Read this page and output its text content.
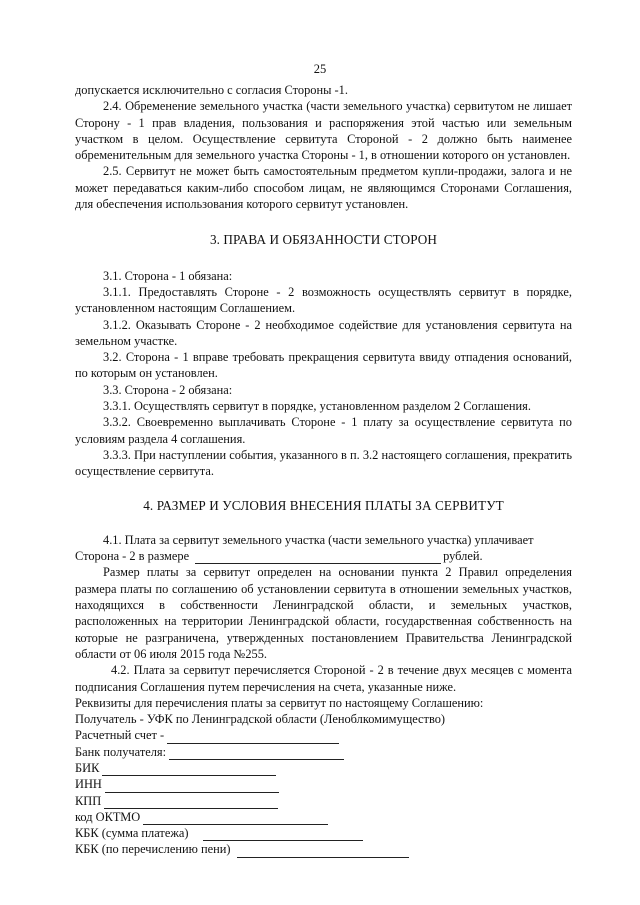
25

допускается исключительно с согласия Стороны -1.

2.4. Обременение земельного участка (части земельного участка) сервитутом не лишает Сторону - 1 прав владения, пользования и распоряжения этой частью или земельным участком в целом. Осуществление сервитута Стороной - 2 должно быть наименее обременительным для земельного участка Стороны - 1, в отношении которого он установлен.

2.5. Сервитут не может быть самостоятельным предметом купли-продажи, залога и не может передаваться каким-либо способом лицам, не являющимся Сторонами Соглашения, для обеспечения использования которого сервитут установлен.

3. ПРАВА И ОБЯЗАННОСТИ СТОРОН

3.1. Сторона - 1 обязана:

3.1.1. Предоставлять Стороне - 2 возможность осуществлять сервитут в порядке, установленном настоящим Соглашением.

3.1.2. Оказывать Стороне - 2 необходимое содействие для установления сервитута на земельном участке.

3.2. Сторона - 1 вправе требовать прекращения сервитута ввиду отпадения оснований, по которым он установлен.

3.3. Сторона - 2 обязана:

3.3.1. Осуществлять сервитут в порядке, установленном разделом 2 Соглашения.

3.3.2. Своевременно выплачивать Стороне - 1 плату за осуществление сервитута по условиям раздела 4 соглашения.

3.3.3. При наступлении события, указанного в п. 3.2 настоящего соглашения, прекратить осуществление сервитута.

4. РАЗМЕР И УСЛОВИЯ ВНЕСЕНИЯ ПЛАТЫ ЗА СЕРВИТУТ

4.1. Плата за сервитут земельного участка (части земельного участка) уплачивает

Сторона - 2 в размере	рублей.

Размер платы за сервитут определен на основании пункта 2 Правил определения размера платы по соглашению об установлении сервитута в отношении земельных участков, находящихся в собственности Ленинградской области, и земельных участков, расположенных на территории Ленинградской области, государственная собственность на которые не разграничена, утвержденных постановлением Правительства Ленинградской области от 06 июля 2015 года №255.

4.2. Плата за сервитут перечисляется Стороной - 2 в течение двух месяцев с момента подписания Соглашения путем перечисления на счета, указанные ниже.

Реквизиты для перечисления платы за сервитут по настоящему Соглашению:

Получатель - УФК по Ленинградской области (Леноблкомимущество)

Расчетный счет -
Банк получателя:
БИК
ИНН
КПП
код ОКТМО
КБК (сумма платежа)
КБК (по перечислению пени)
